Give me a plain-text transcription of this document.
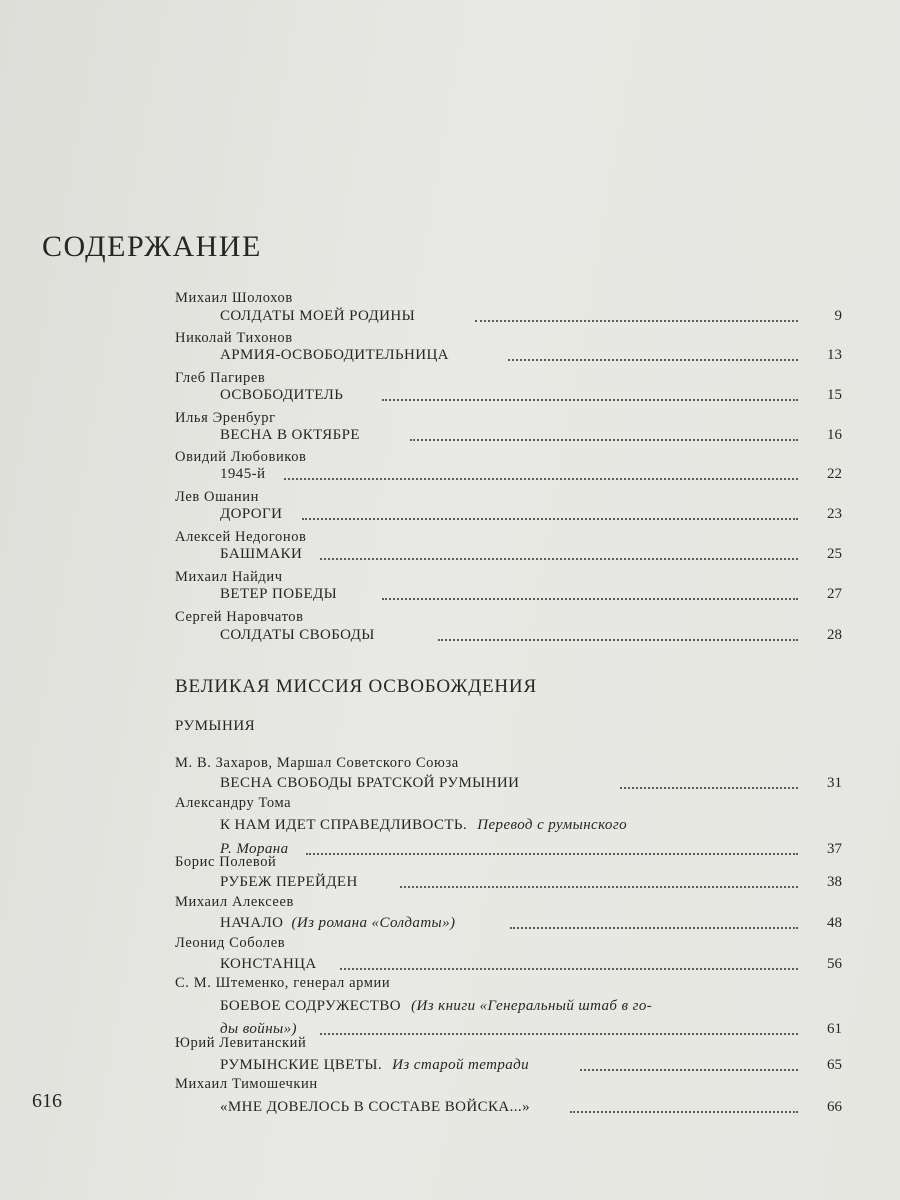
СОДЕРЖАНИЕ
Михаил Шолохов
СОЛДАТЫ МОЕЙ РОДИНЫ	9
Николай Тихонов
АРМИЯ-ОСВОБОДИТЕЛЬНИЦА	13
Глеб Пагирев
ОСВОБОДИТЕЛЬ	15
Илья Эренбург
ВЕСНА В ОКТЯБРЕ	16
Овидий Любовиков
1945-й	22
Лев Ошанин
ДОРОГИ	23
Алексей Недогонов
БАШМАКИ	25
Михаил Найдич
ВЕТЕР ПОБЕДЫ	27
Сергей Наровчатов
СОЛДАТЫ СВОБОДЫ	28
ВЕЛИКАЯ МИССИЯ ОСВОБОЖДЕНИЯ
РУМЫНИЯ
М. В. Захаров, Маршал Советского Союза
ВЕСНА СВОБОДЫ БРАТСКОЙ РУМЫНИИ	31
Александру Тома
К НАМ ИДЕТ СПРАВЕДЛИВОСТЬ. Перевод с румынского
Р. Морана	37
Борис Полевой
РУБЕЖ ПЕРЕЙДЕН	38
Михаил Алексеев
НАЧАЛО (Из романа «Солдаты»)	48
Леонид Соболев
КОНСТАНЦА	56
С. М. Штеменко, генерал армии
БОЕВОЕ СОДРУЖЕСТВО (Из книги «Генеральный штаб в го-
ды войны»)	61
Юрий Левитанский
РУМЫНСКИЕ ЦВЕТЫ. Из старой тетради	65
Михаил Тимошечкин
«МНЕ ДОВЕЛОСЬ В СОСТАВЕ ВОЙСКА...»	66
616
